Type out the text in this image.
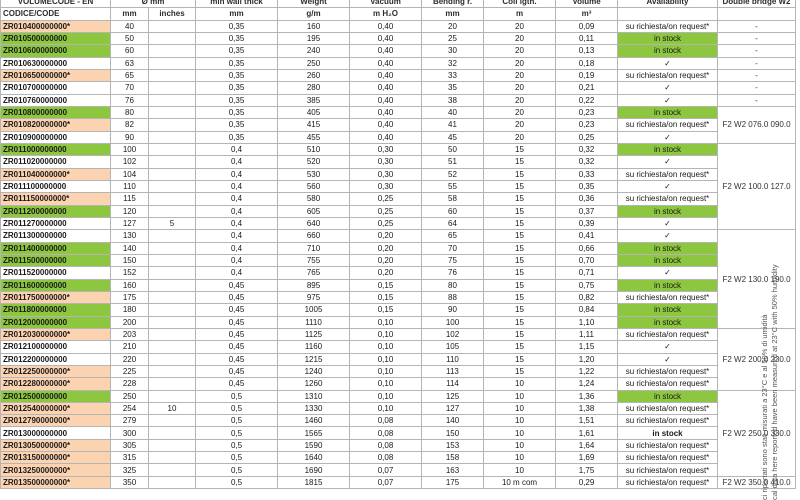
VOLUMECODE - EN	Ø mm		min wall thick	Weight	Vacuum	Bending r.	Coil lgth.	Volume	Availability	Double bridge W2
CODICE/CODE	mm	inches	mm	g/m	m H₂O	mm	m	m³		
ZR010400000000*	40		0,35	160	0,40	20	20	0,09	su richiesta/on request*	-
ZR010500000000	50		0,35	195	0,40	25	20	0,11	in stock	-
ZR010600000000	60		0,35	240	0,40	30	20	0,13	in stock	-
ZR010630000000	63		0,35	250	0,40	32	20	0,18	✓	-
ZR010650000000*	65		0,35	260	0,40	33	20	0,19	su richiesta/on request*	-
ZR010700000000	70		0,35	280	0,40	35	20	0,21	✓	-
ZR010760000000	76		0,35	385	0,40	38	20	0,22	✓	-
ZR010800000000	80		0,35	405	0,40	40	20	0,23	in stock	F2 W2 076.0 090.0
ZR010820000000*	82		0,35	415	0,40	41	20	0,23	su richiesta/on request*	
ZR010900000000	90		0,35	455	0,40	45	20	0,25	✓	
ZR011000000000	100		0,4	510	0,30	50	15	0,32	in stock	F2 W2 100.0 127.0
ZR011020000000	102		0,4	520	0,30	51	15	0,32	✓	
ZR011040000000*	104		0,4	530	0,30	52	15	0,33	su richiesta/on request*	
ZR011100000000	110		0,4	560	0,30	55	15	0,35	✓	
ZR011150000000*	115		0,4	580	0,25	58	15	0,36	su richiesta/on request*	
ZR011200000000	120		0,4	605	0,25	60	15	0,37	in stock	
ZR011270000000	127	5	0,4	640	0,25	64	15	0,39	✓	
ZR011300000000	130		0,4	660	0,20	65	15	0,41	✓	F2 W2 130.0 190.0
ZR011400000000	140		0,4	710	0,20	70	15	0,66	in stock	
ZR011500000000	150		0,4	755	0,20	75	15	0,70	in stock	
ZR011520000000	152		0,4	765	0,20	76	15	0,71	✓	
ZR011600000000	160		0,45	895	0,15	80	15	0,75	in stock	
ZR011750000000*	175		0,45	975	0,15	88	15	0,82	su richiesta/on request*	
ZR011800000000	180		0,45	1005	0,15	90	15	0,84	in stock	
ZR012000000000	200		0,45	1110	0,10	100	15	1,10	in stock	
ZR012030000000*	203		0,45	1125	0,10	102	15	1,11	su richiesta/on request*	F2 W2 200.0 230.0
ZR012100000000	210		0,45	1160	0,10	105	15	1,15	✓	
ZR012200000000	220		0,45	1215	0,10	110	15	1,20	✓	
ZR012250000000*	225		0,45	1240	0,10	113	15	1,22	su richiesta/on request*	
ZR012280000000*	228		0,45	1260	0,10	114	10	1,24	su richiesta/on request*	
ZR012500000000	250		0,5	1310	0,10	125	10	1,36	in stock	F2 W2 250.0 330.0
ZR012540000000*	254	10	0,5	1330	0,10	127	10	1,38	su richiesta/on request*	
ZR012790000000*	279		0,5	1460	0,08	140	10	1,51	su richiesta/on request*	
ZR013000000000	300		0,5	1565	0,08	150	10	1,61	in stock	
ZR013050000000*	305		0,5	1590	0,08	153	10	1,64	su richiesta/on request*	
ZR013150000000*	315		0,5	1640	0,08	158	10	1,69	su richiesta/on request*	
ZR013250000000*	325		0,5	1690	0,07	163	10	1,75	su richiesta/on request*	
ZR013500000000*	350		0,5	1815	0,07	175	10 m com	0,29	su richiesta/on request*	F2 W2 350.0 410.0
ci riportati sono stati misurati a 23°C e al 50% di umidità cal data here reported have been measured at 23°C with 50% humidity
